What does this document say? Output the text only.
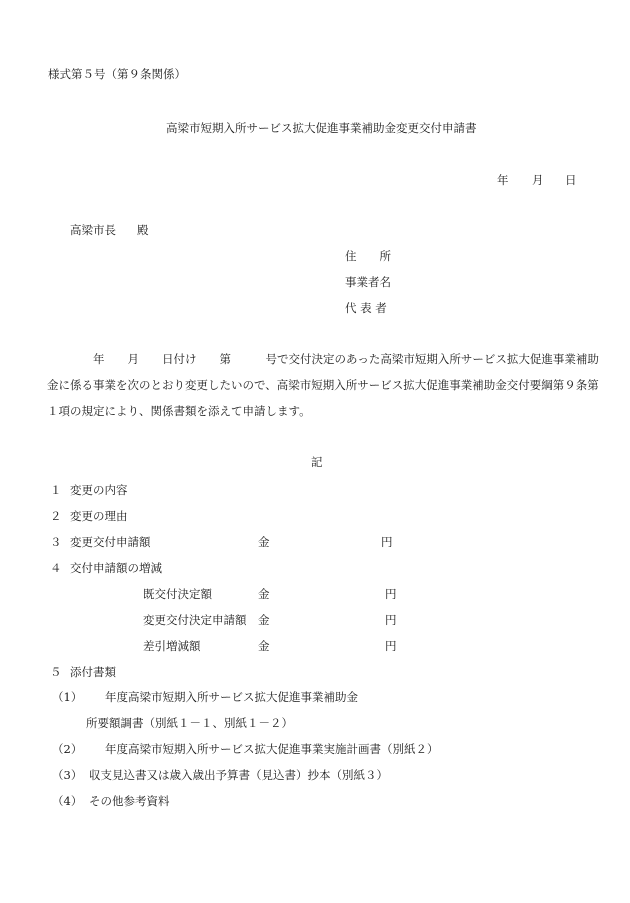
様式第５号（第９条関係）
高梁市短期入所サービス拡大促進事業補助金変更交付申請書
年 月 日
高梁市長 殿
住　　所
事業者名
代 表 者
　　　　年　　月　　日付け　　第　　　号で交付決定のあった高梁市短期入所サービス拡大促進事業補助
金に係る事業を次のとおり変更したいので、高梁市短期入所サービス拡大促進事業補助金交付要綱第９条第
１項の規定により、関係書類を添えて申請します。
記
１ 変更の内容
２ 変更の理由
３ 変更交付申請額	金	円
４ 交付申請額の増減
既交付決定額	金	円
変更交付決定申請額 金	円
差引増減額	金	円
５ 添付書類
（1） 年度高梁市短期入所サービス拡大促進事業補助金
所要額調書（別紙１－１、別紙１－２）
（2） 年度高梁市短期入所サービス拡大促進事業実施計画書（別紙２）
（3） 収支見込書又は歳入歳出予算書（見込書）抄本（別紙３）
（4） その他参考資料
